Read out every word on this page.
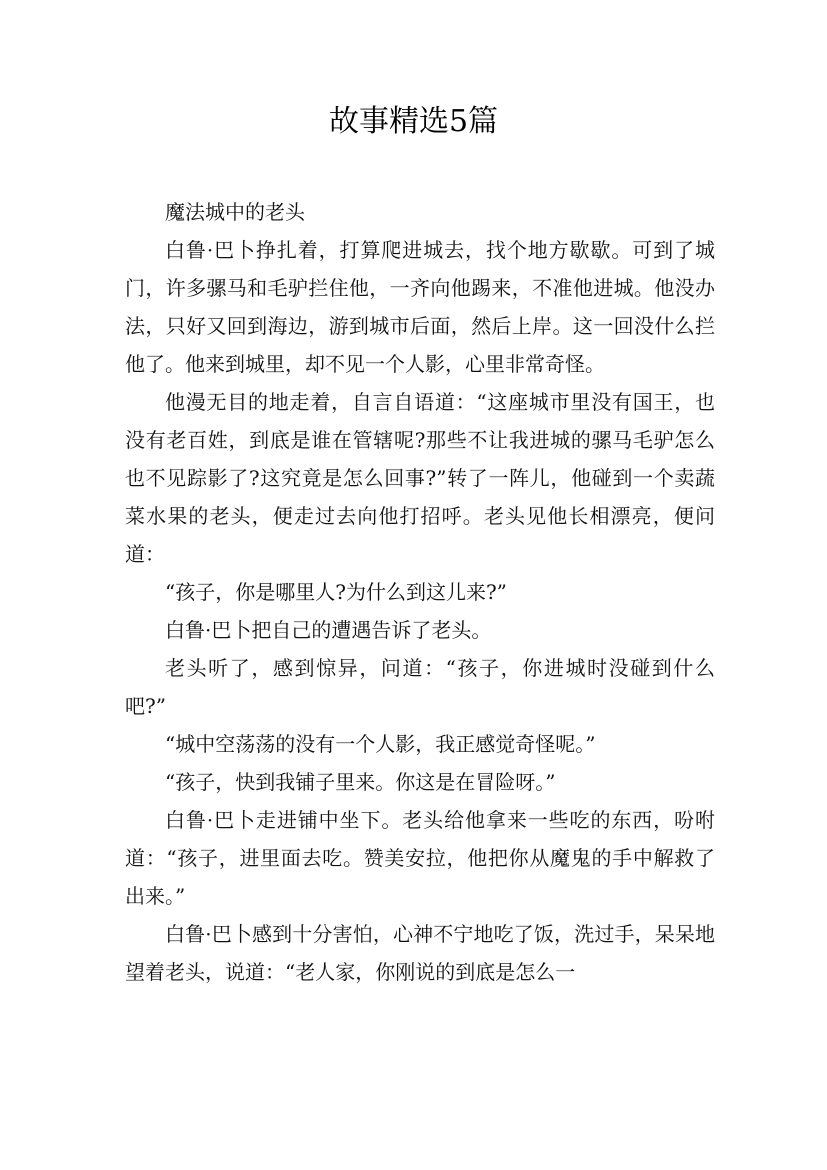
故事精选5篇

魔法城中的老头

白鲁·巴卜挣扎着，打算爬进城去，找个地方歇歇。可到了城门，许多骡马和毛驴拦住他，一齐向他踢来，不准他进城。他没办法，只好又回到海边，游到城市后面，然后上岸。这一回没什么拦他了。他来到城里，却不见一个人影，心里非常奇怪。

他漫无目的地走着，自言自语道：“这座城市里没有国王，也没有老百姓，到底是谁在管辖呢?那些不让我进城的骡马毛驴怎么也不见踪影了?这究竟是怎么回事?”转了一阵儿，他碰到一个卖蔬菜水果的老头，便走过去向他打招呼。老头见他长相漂亮，便问道：

“孩子，你是哪里人?为什么到这儿来?”

白鲁·巴卜把自己的遭遇告诉了老头。

老头听了，感到惊异，问道：“孩子，你进城时没碰到什么吧?”

“城中空荡荡的没有一个人影，我正感觉奇怪呢。”

“孩子，快到我铺子里来。你这是在冒险呀。”

白鲁·巴卜走进铺中坐下。老头给他拿来一些吃的东西，吩咐道：“孩子，进里面去吃。赞美安拉，他把你从魔鬼的手中解救了出来。”

白鲁·巴卜感到十分害怕，心神不宁地吃了饭，洗过手，呆呆地望着老头，说道：“老人家，你刚说的到底是怎么一
